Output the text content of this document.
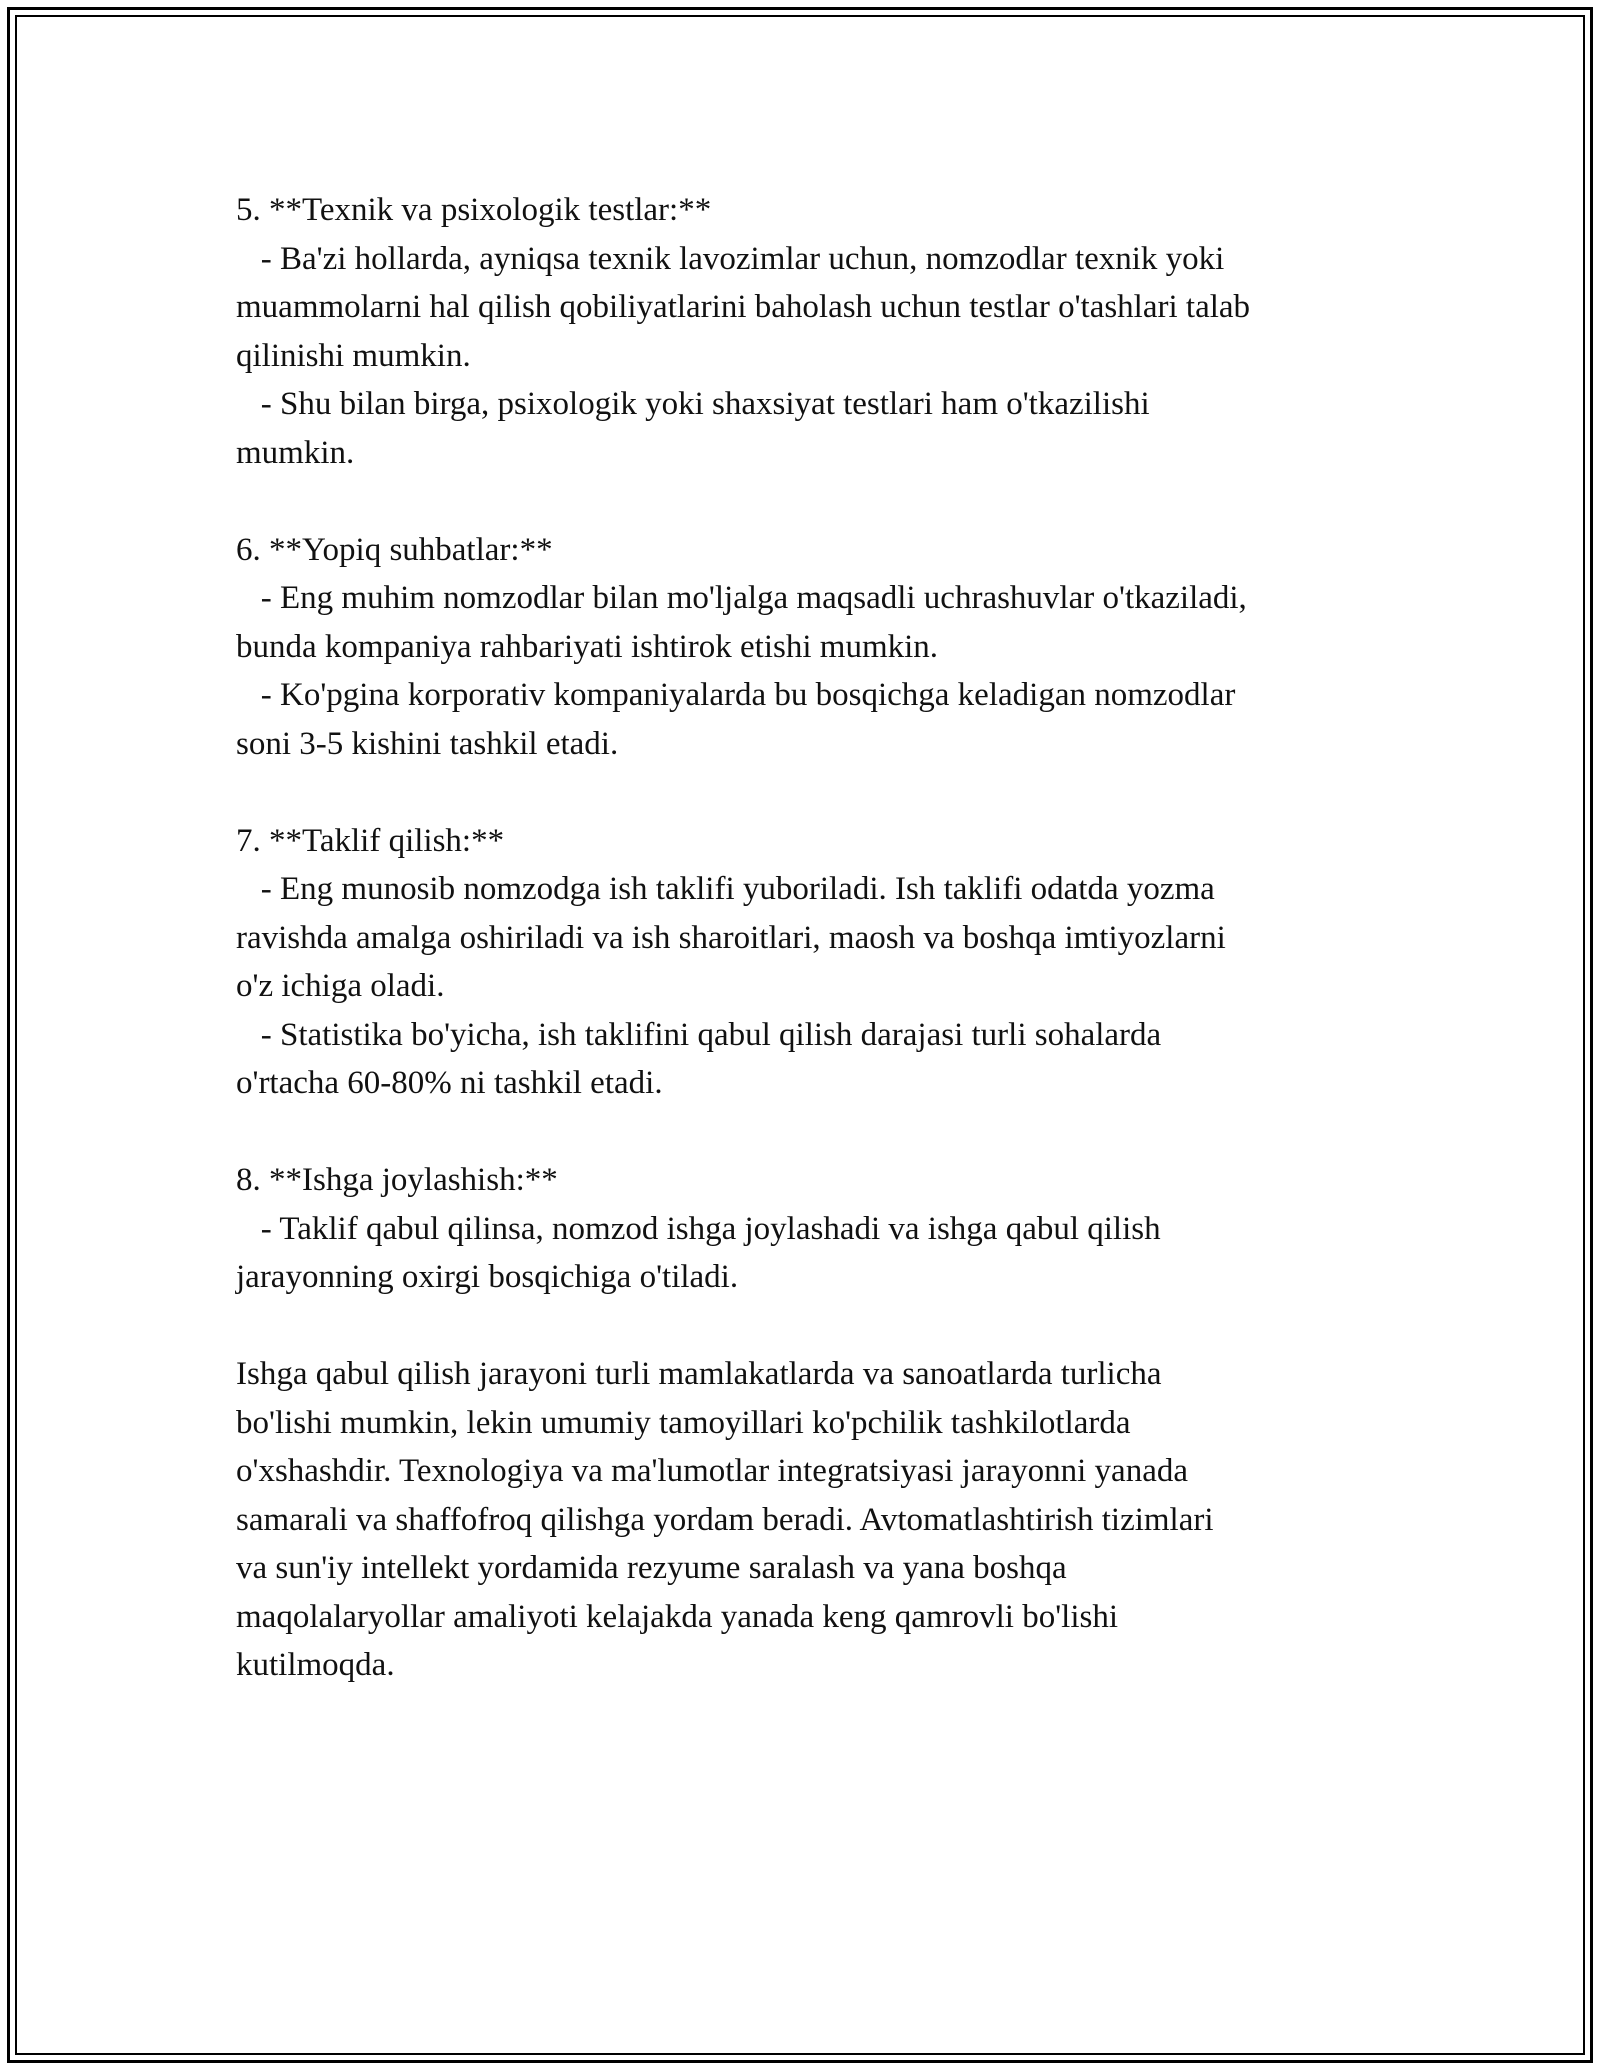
5. **Texnik va psixologik testlar:**
- Ba'zi hollarda, ayniqsa texnik lavozimlar uchun, nomzodlar texnik yoki
muammolarni hal qilish qobiliyatlarini baholash uchun testlar o'tashlari talab
qilinishi mumkin.
- Shu bilan birga, psixologik yoki shaxsiyat testlari ham o'tkazilishi
mumkin.
6. **Yopiq suhbatlar:**
- Eng muhim nomzodlar bilan mo'ljalga maqsadli uchrashuvlar o'tkaziladi,
bunda kompaniya rahbariyati ishtirok etishi mumkin.
- Ko'pgina korporativ kompaniyalarda bu bosqichga keladigan nomzodlar
soni 3-5 kishini tashkil etadi.
7. **Taklif qilish:**
- Eng munosib nomzodga ish taklifi yuboriladi. Ish taklifi odatda yozma
ravishda amalga oshiriladi va ish sharoitlari, maosh va boshqa imtiyozlarni
o'z ichiga oladi.
- Statistika bo'yicha, ish taklifini qabul qilish darajasi turli sohalarda
o'rtacha 60-80% ni tashkil etadi.
8. **Ishga joylashish:**
- Taklif qabul qilinsa, nomzod ishga joylashadi va ishga qabul qilish
jarayonning oxirgi bosqichiga o'tiladi.
Ishga qabul qilish jarayoni turli mamlakatlarda va sanoatlarda turlicha
bo'lishi mumkin, lekin umumiy tamoyillari ko'pchilik tashkilotlarda
o'xshashdir. Texnologiya va ma'lumotlar integratsiyasi jarayonni yanada
samarali va shaffofroq qilishga yordam beradi. Avtomatlashtirish tizimlari
va sun'iy intellekt yordamida rezyume saralash va yana boshqa
maqolalaryollar amaliyoti kelajakda yanada keng qamrovli bo'lishi
kutilmoqda.
